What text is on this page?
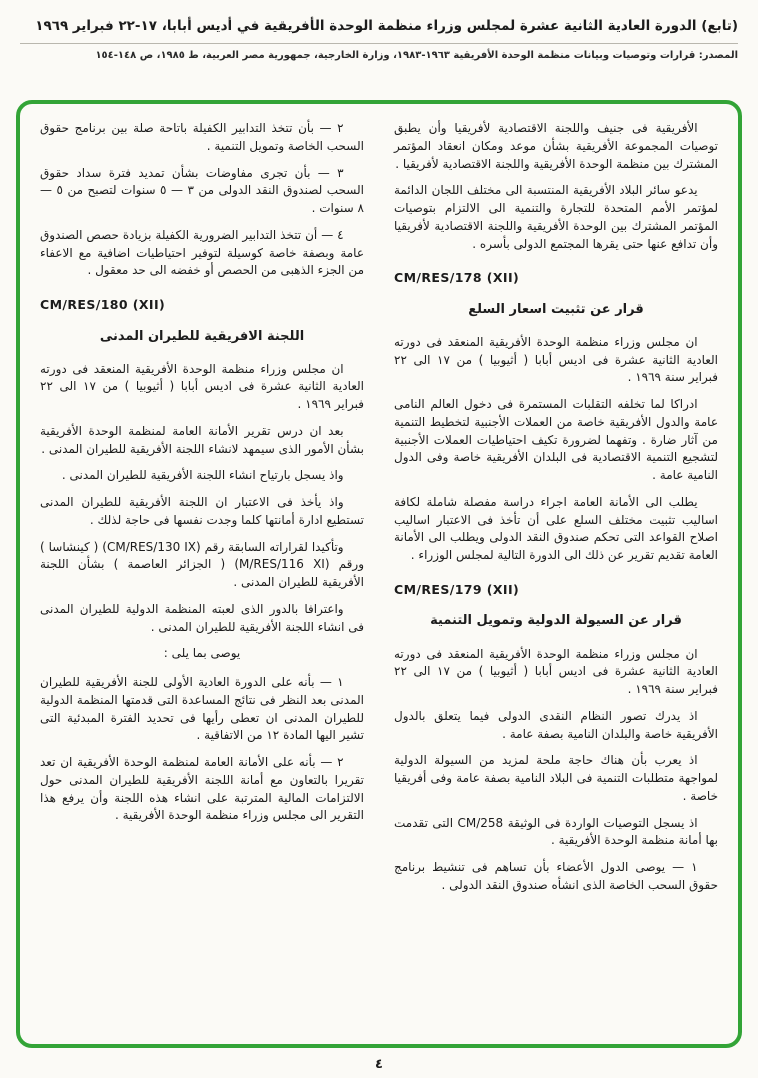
(تابع) الدورة العادية الثانية عشرة لمجلس وزراء منظمة الوحدة الأفريقية في أديس أبابا، ١٧-٢٢ فبراير ١٩٦٩
المصدر: قرارات وتوصيات وبيانات منظمة الوحدة الأفريقية ١٩٦٣-١٩٨٣، وزارة الخارجية، جمهورية مصر العربية، ط ١٩٨٥، ص ١٤٨-١٥٤

الأفريقية فى جنيف واللجنة الاقتصادية لأفريقيا وأن يطبق توصيات المجموعة الأفريقية بشأن موعد ومكان انعقاد المؤتمر المشترك بين منظمة الوحدة الأفريقية واللجنة الاقتصادية لأفريقيا .

يدعو سائر البلاد الأفريقية المنتسبة الى مختلف اللجان الدائمة لمؤتمر الأمم المتحدة للتجارة والتنمية الى الالتزام بتوصيات المؤتمر المشترك بين الوحدة الأفريقية واللجنة الاقتصادية لأفريقيا وأن تدافع عنها حتى يقرها المجتمع الدولى بأسره .

CM/RES/178 (XII)

قرار عن تثبيت اسعار السلع

ان مجلس وزراء منظمة الوحدة الأفريقية المنعقد فى دورته العادية الثانية عشرة فى اديس أبابا ( أثيوبيا ) من ١٧ الى ٢٢ فبراير سنة ١٩٦٩ .

ادراكا لما تخلفه التقلبات المستمرة فى دخول العالم النامى عامة والدول الأفريقية خاصة من العملات الأجنبية لتخطيط التنمية من آثار ضارة . وتفهما لضرورة تكيف احتياطيات العملات الأجنبية لتشجيع التنمية الاقتصادية فى البلدان الأفريقية خاصة وفى الدول النامية عامة .

يطلب الى الأمانة العامة اجراء دراسة مفصلة شاملة لكافة اساليب تثبيت مختلف السلع على أن تأخذ فى الاعتبار اساليب اصلاح القواعد التى تحكم صندوق النقد الدولى ويطلب الى الأمانة العامة تقديم تقرير عن ذلك الى الدورة التالية لمجلس الوزراء .

CM/RES/179 (XII)

قرار عن السيولة الدولية وتمويل التنمية

ان مجلس وزراء منظمة الوحدة الأفريقية المنعقد فى دورته العادية الثانية عشرة فى اديس أبابا ( أثيوبيا ) من ١٧ الى ٢٢ فبراير سنة ١٩٦٩ .

اذ يدرك تصور النظام النقدى الدولى فيما يتعلق بالدول الأفريقية خاصة والبلدان النامية بصفة عامة .

اذ يعرب بأن هناك حاجة ملحة لمزيد من السيولة الدولية لمواجهة متطلبات التنمية فى البلاد النامية بصفة عامة وفى أفريقيا خاصة .

اذ يسجل التوصيات الواردة فى الوثيقة CM/258 التى تقدمت بها أمانة منظمة الوحدة الأفريقية .

١ — يوصى الدول الأعضاء بأن تساهم فى تنشيط برنامج حقوق السحب الخاصة الذى انشأه صندوق النقد الدولى .

٢ — بأن تتخذ التدابير الكفيلة باتاحة صلة بين برنامج حقوق السحب الخاصة وتمويل التنمية .

٣ — بأن تجرى مفاوضات بشأن تمديد فترة سداد حقوق السحب لصندوق النقد الدولى من ٣ — ٥ سنوات لتصبح من ٥ — ٨ سنوات .

٤ — أن تتخذ التدابير الضرورية الكفيلة بزيادة حصص الصندوق عامة وبصفة خاصة كوسيلة لتوفير احتياطيات اضافية مع الاعفاء من الجزء الذهبى من الحصص أو خفضه الى حد معقول .

CM/RES/180 (XII)

اللجنة الافريقية للطيران المدنى

ان مجلس وزراء منظمة الوحدة الأفريقية المنعقد فى دورته العادية الثانية عشرة فى اديس أبابا ( أثيوبيا ) من ١٧ الى ٢٢ فبراير ١٩٦٩ .

بعد ان درس تقرير الأمانة العامة لمنظمة الوحدة الأفريقية بشأن الأمور الذى سيمهد لانشاء اللجنة الأفريقية للطيران المدنى .

واذ يسجل بارتياح انشاء اللجنة الأفريقية للطيران المدنى .

واذ يأخذ فى الاعتبار ان اللجنة الأفريقية للطيران المدنى تستطيع ادارة أمانتها كلما وجدت نفسها فى حاجة لذلك .

وتأكيدا لقراراته السابقة رقم (CM/RES/130 IX) ( كينشاسا ) ورقم (M/RES/116 XI) ( الجزائر العاصمة ) بشأن اللجنة الأفريقية للطيران المدنى .

واعترافا بالدور الذى لعبته المنظمة الدولية للطيران المدنى فى انشاء اللجنة الأفريقية للطيران المدنى .

يوصى بما يلى :

١ — بأنه على الدورة العادية الأولى للجنة الأفريقية للطيران المدنى بعد النظر فى نتائج المساعدة التى قدمتها المنظمة الدولية للطيران المدنى ان تعطى رأيها فى تحديد الفترة المبدئية التى تشير اليها المادة ١٢ من الاتفاقية .

٢ — بأنه على الأمانة العامة لمنظمة الوحدة الأفريقية ان تعد تقريرا بالتعاون مع أمانة اللجنة الأفريقية للطيران المدنى حول الالتزامات المالية المترتبة على انشاء هذه اللجنة وأن يرفع هذا التقرير الى مجلس وزراء منظمة الوحدة الأفريقية .

٤
